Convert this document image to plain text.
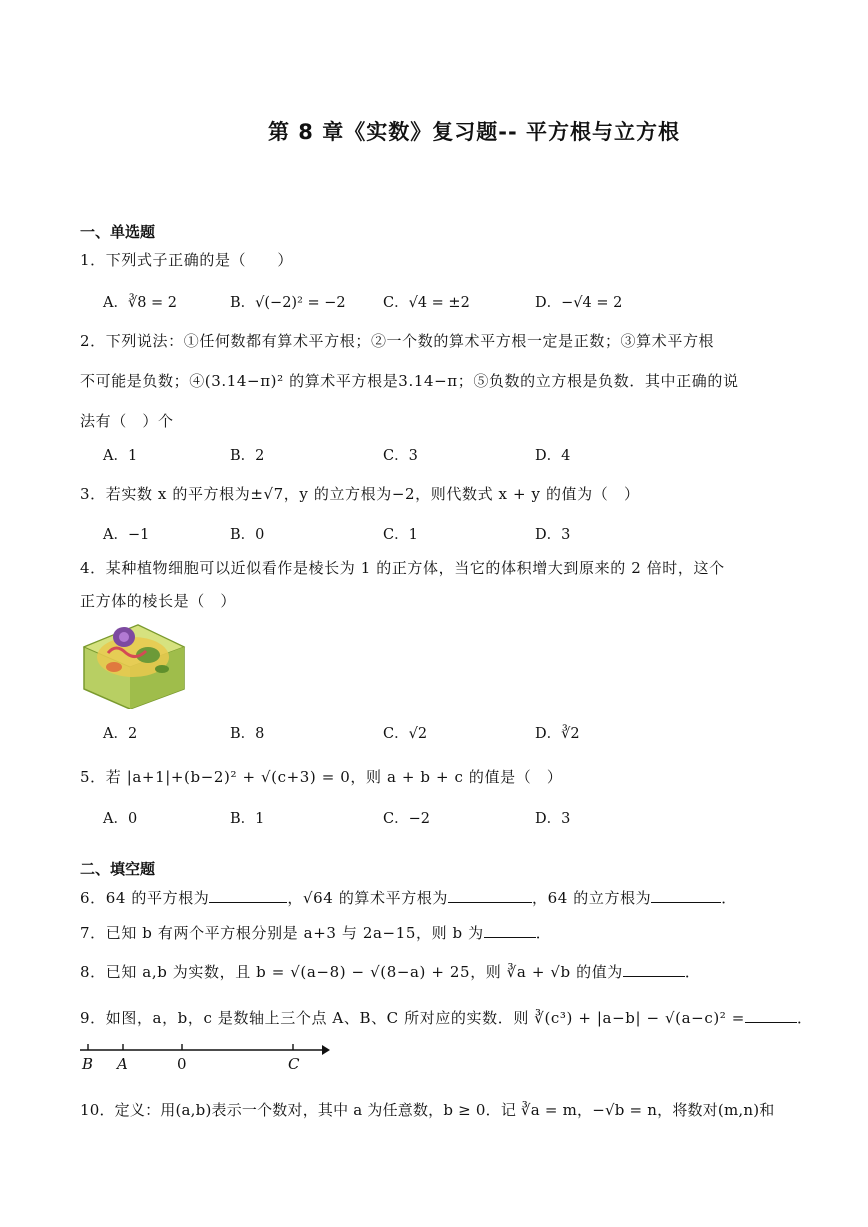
第 8 章《实数》复习题-- 平方根与立方根
一、单选题
1．下列式子正确的是（　　）
A．∛8 = 2	B．√(−2)² = −2	C．√4 = ±2	D．−√4 = 2
2．下列说法：①任何数都有算术平方根；②一个数的算术平方根一定是正数；③算术平方根
不可能是负数；④(3.14−π)² 的算术平方根是3.14−π；⑤负数的立方根是负数．其中正确的说
法有（　）个
A．1	B．2	C．3	D．4
3．若实数 x 的平方根为±√7，y 的立方根为−2，则代数式 x + y 的值为（　）
A．−1	B．0	C．1	D．3
4．某种植物细胞可以近似看作是棱长为 1 的正方体，当它的体积增大到原来的 2 倍时，这个
正方体的棱长是（　）
A．2	B．8	C．√2	D．∛2
5．若 |a+1|+(b−2)² + √(c+3) = 0，则 a + b + c 的值是（　）
A．0	B．1	C．−2	D．3
二、填空题
6．64 的平方根为	，√64 的算术平方根为	，64 的立方根为	．
7．已知 b 有两个平方根分别是 a+3 与 2a−15，则 b 为	．
8．已知 a,b 为实数，且 b = √(a−8) − √(8−a) + 25，则 ∛a + √b 的值为	．
9．如图，a，b，c 是数轴上三个点 A、B、C 所对应的实数．则 ∛(c³) + |a−b| − √(a−c)² =	．
B A	0	C
10．定义：用(a,b)表示一个数对，其中 a 为任意数，b ≥ 0．记 ∛a = m，−√b = n，将数对(m,n)和
